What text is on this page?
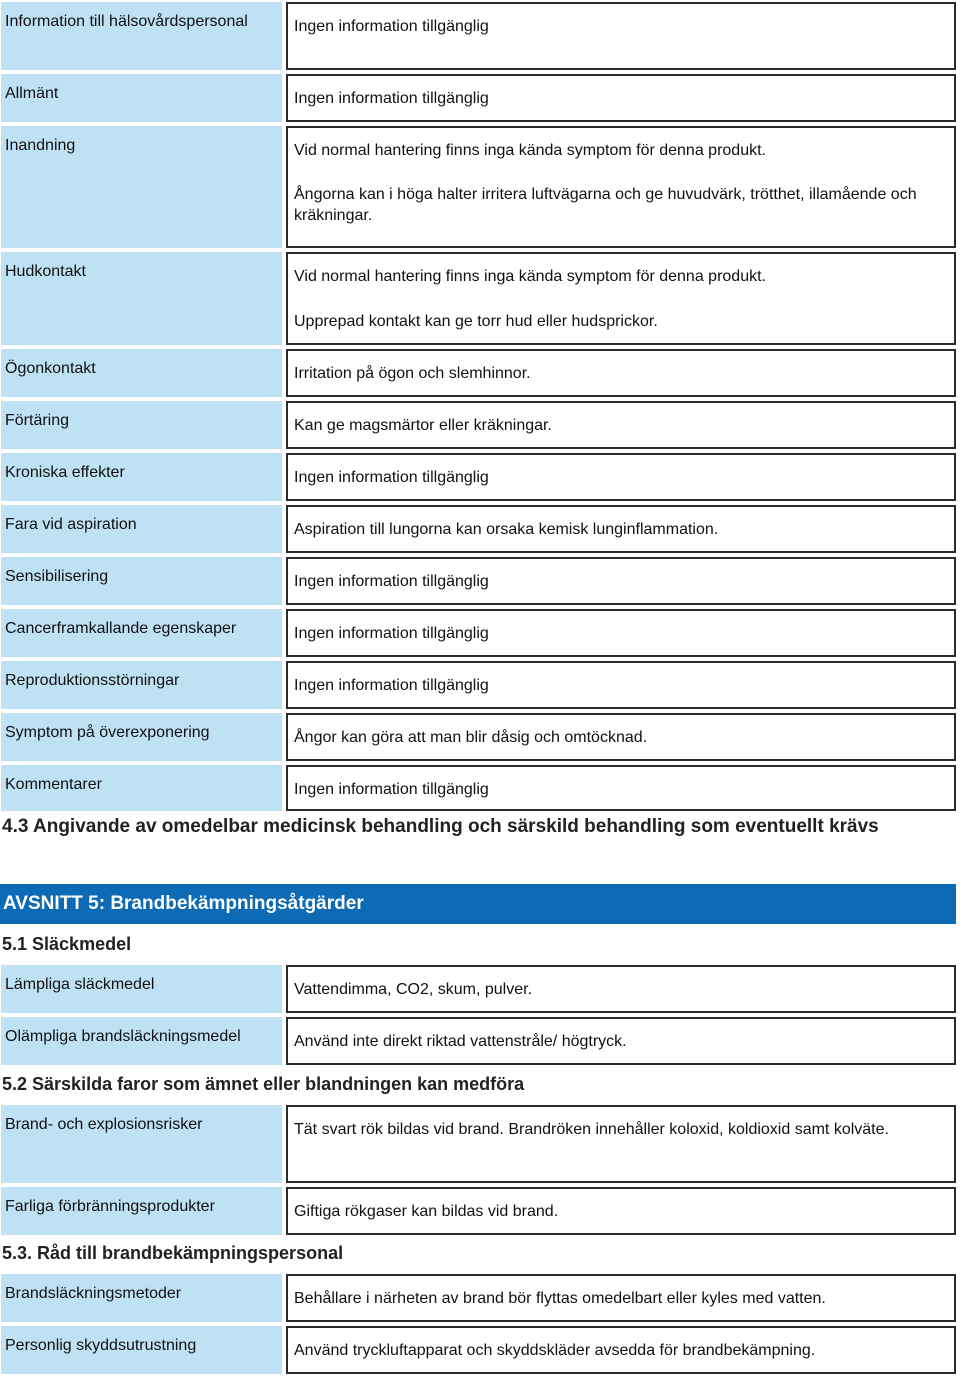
Information till hälsovårdspersonal	Ingen information tillgänglig

Allmänt	Ingen information tillgänglig

Inandning	Vid normal hantering finns inga kända symptom för denna produkt.

Ångorna kan i höga halter irritera luftvägarna och ge huvudvärk, trötthet, illamående och kräkningar.

Hudkontakt	Vid normal hantering finns inga kända symptom för denna produkt.

Upprepad kontakt kan ge torr hud eller hudsprickor.

Ögonkontakt	Irritation på ögon och slemhinnor.

Förtäring	Kan ge magsmärtor eller kräkningar.

Kroniska effekter	Ingen information tillgänglig

Fara vid aspiration	Aspiration till lungorna kan orsaka kemisk lunginflammation.

Sensibilisering	Ingen information tillgänglig

Cancerframkallande egenskaper	Ingen information tillgänglig

Reproduktionsstörningar	Ingen information tillgänglig

Symptom på överexponering	Ångor kan göra att man blir dåsig och omtöcknad.

Kommentarer	Ingen information tillgänglig

4.3 Angivande av omedelbar medicinsk behandling och särskild behandling som eventuellt krävs
AVSNITT 5: Brandbekämpningsåtgärder
5.1 Släckmedel
Lämpliga släckmedel	Vattendimma, CO2, skum, pulver.

Olämpliga brandsläckningsmedel	Använd inte direkt riktad vattenstråle/ högtryck.

5.2 Särskilda faror som ämnet eller blandningen kan medföra
Brand- och explosionsrisker	Tät svart rök bildas vid brand. Brandröken innehåller koloxid, koldioxid samt kolväte.

Farliga förbränningsprodukter	Giftiga rökgaser kan bildas vid brand.

5.3. Råd till brandbekämpningspersonal
Brandsläckningsmetoder	Behållare i närheten av brand bör flyttas omedelbart eller kyles med vatten.

Personlig skyddsutrustning	Använd tryckluftapparat och skyddskläder avsedda för brandbekämpning.
